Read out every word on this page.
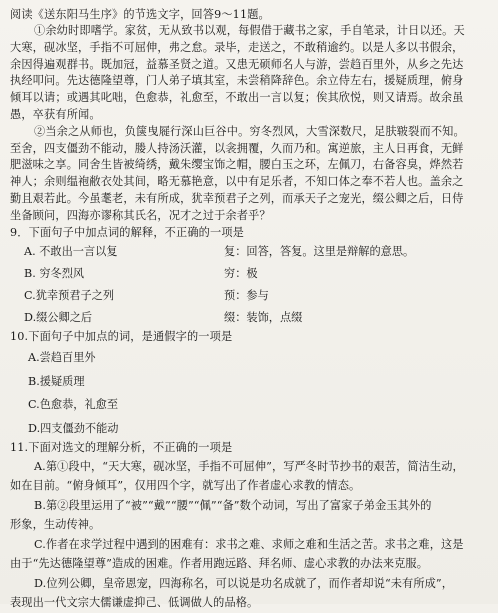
阅读《送东阳马生序》的节选文字，回答9～11题。
①余幼时即嗜学。家贫，无从致书以观，每假借于藏书之家，手自笔录，计日以还。天
大寒，砚冰坚，手指不可屈伸，弗之怠。录毕，走送之，不敢稍逾约。以是人多以书假余，
余因得遍观群书。既加冠，益慕圣贤之道。又患无硕师名人与游，尝趋百里外，从乡之先达
执经叩问。先达德隆望尊，门人弟子填其室，未尝稍降辞色。余立侍左右，援疑质理，俯身
倾耳以请；或遇其叱咄，色愈恭，礼愈至，不敢出一言以复；俟其欣悦，则又请焉。故余虽
愚，卒获有所闻。
②当余之从师也，负箧曳屣行深山巨谷中。穷冬烈风，大雪深数尺，足肤皲裂而不知。
至舍，四支僵劲不能动，媵人持汤沃灌，以衾拥覆，久而乃和。寓逆旅，主人日再食，无鲜
肥滋味之享。同舍生皆被绮绣，戴朱缨宝饰之帽，腰白玉之环，左佩刀，右备容臭，烨然若
神人；余则缊袍敝衣处其间，略无慕艳意，以中有足乐者，不知口体之奉不若人也。盖余之
勤且艰若此。今虽耄老，未有所成，犹幸预君子之列，而承天子之宠光，缀公卿之后，日侍
坐备顾问，四海亦谬称其氏名，况才之过于余者乎？
9．下面句子中加点词的解释，不正确的一项是
A. 不敢出一言以复	复：回答，答复。这里是辩解的意思。
B. 穷冬烈风	穷：极
C.犹幸预君子之列	预：参与
D.缀公卿之后	缀：装饰，点缀
10.下面句子中加点的词，是通假字的一项是
A.尝趋百里外
B.援疑质理
C.色愈恭，礼愈至
D.四支僵劲不能动
11.下面对选文的理解分析，不正确的一项是
A.第①段中，“天大寒，砚冰坚，手指不可屈伸”，写严冬时节抄书的艰苦，简洁生动，
如在目前。“俯身倾耳”，仅用四个字，就写出了作者虚心求教的情态。
B.第②段里运用了“被”“戴”“腰”“佩”“备”数个动词，写出了富家子弟金玉其外的
形象，生动传神。
C.作者在求学过程中遇到的困难有：求书之难、求师之难和生活之苦。求书之难，这是
由于“先达德隆望尊”造成的困难。作者用跑远路、拜名师、虚心求教的办法来克服。
D.位列公卿，皇帝恩宠，四海称名，可以说是功名成就了，而作者却说“未有所成”，
表现出一代文宗大儒谦虚抑己、低调做人的品格。
